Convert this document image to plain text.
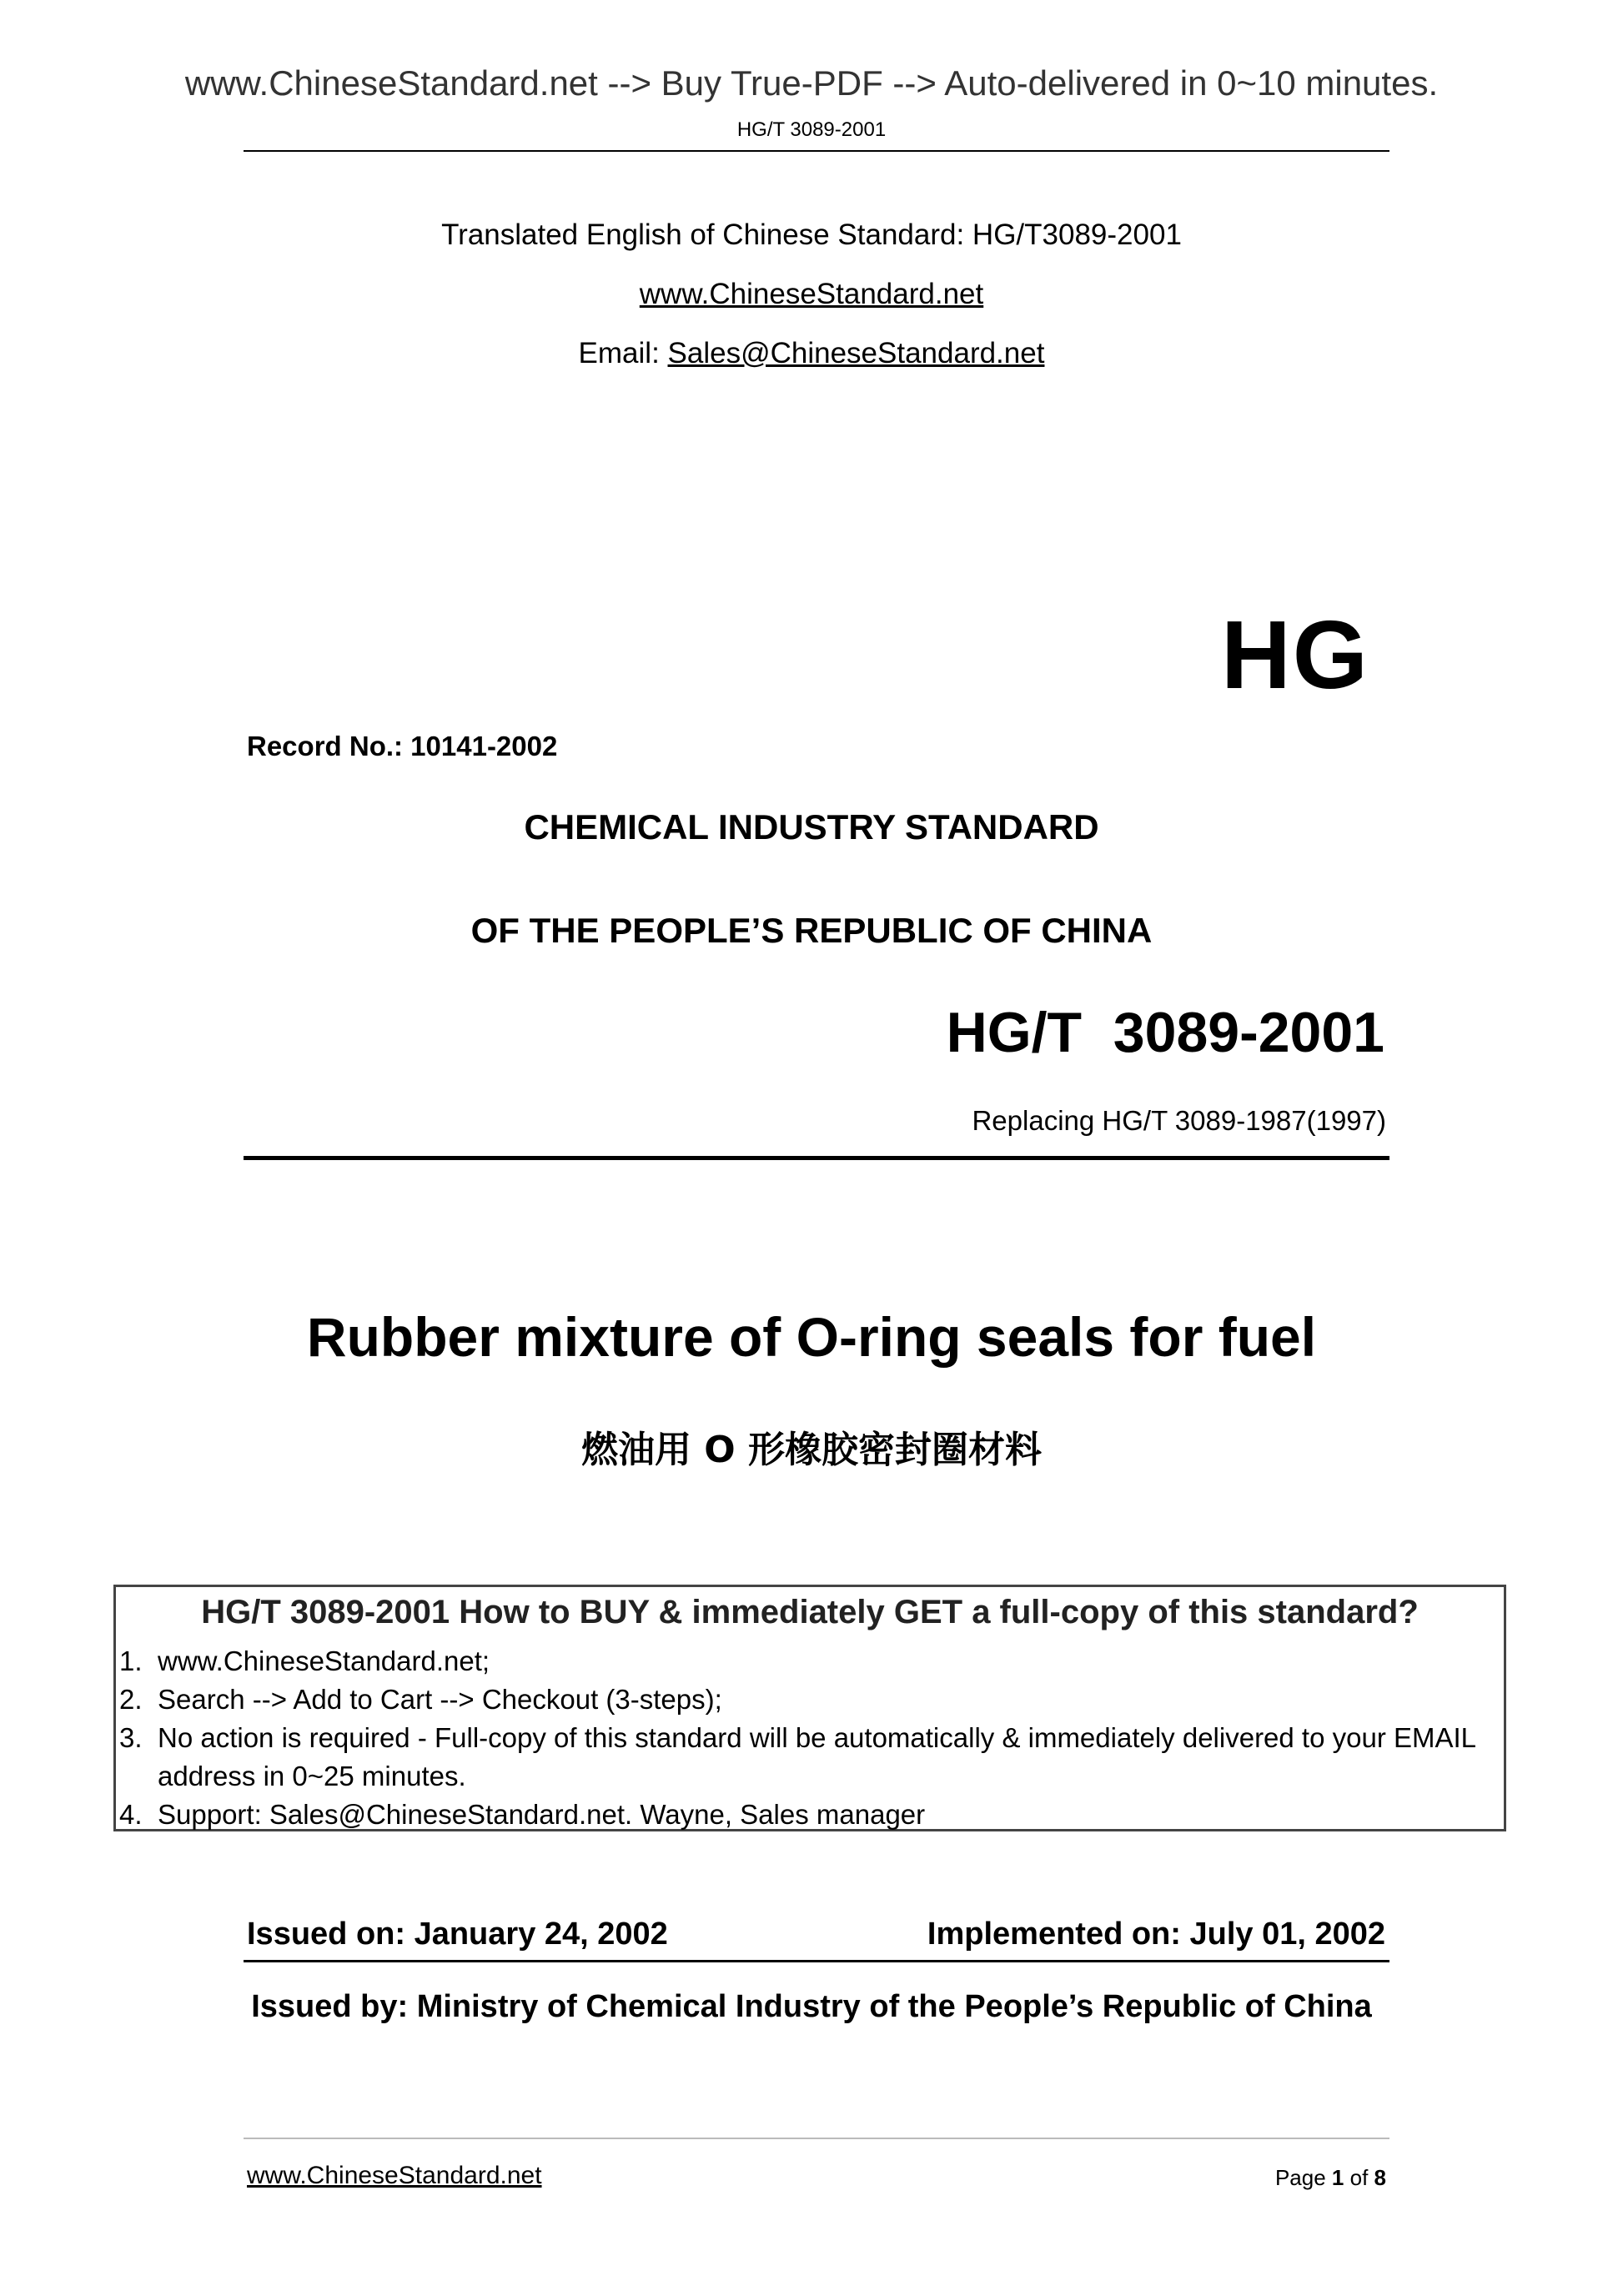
www.ChineseStandard.net --> Buy True-PDF --> Auto-delivered in 0~10 minutes.
HG/T 3089-2001
Translated English of Chinese Standard: HG/T3089-2001
www.ChineseStandard.net
Email: Sales@ChineseStandard.net
HG
Record No.: 10141-2002
CHEMICAL INDUSTRY STANDARD
OF THE PEOPLE’S REPUBLIC OF CHINA
HG/T  3089-2001
Replacing HG/T 3089-1987(1997)
Rubber mixture of O-ring seals for fuel
燃油用 O 形橡胶密封圈材料
HG/T 3089-2001 How to BUY & immediately GET a full-copy of this standard?
1. www.ChineseStandard.net;
2. Search --> Add to Cart --> Checkout (3-steps);
3. No action is required - Full-copy of this standard will be automatically & immediately delivered to your EMAIL address in 0~25 minutes.
4. Support: Sales@ChineseStandard.net. Wayne, Sales manager
Issued on: January 24, 2002	Implemented on: July 01, 2002
Issued by: Ministry of Chemical Industry of the People’s Republic of China
www.ChineseStandard.net	Page 1 of 8
